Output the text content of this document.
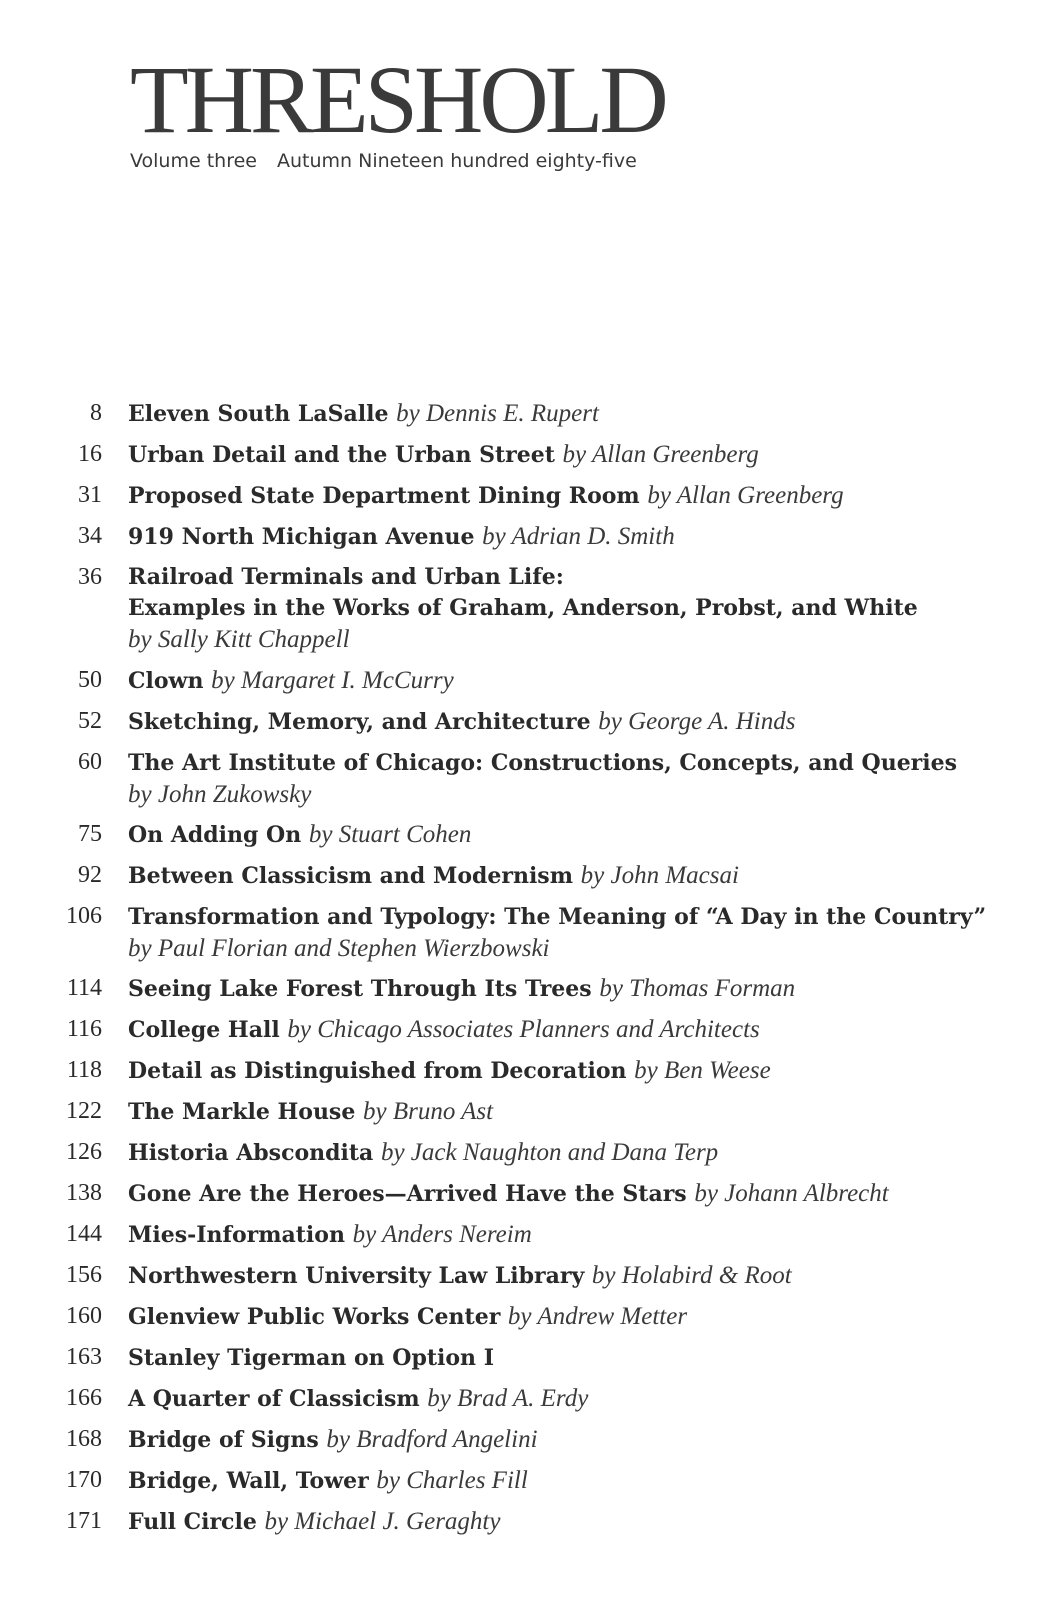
THRESHOLD
Volume three Autumn Nineteen hundred eighty-five
8 Eleven South LaSalle by Dennis E. Rupert
16 Urban Detail and the Urban Street by Allan Greenberg
31 Proposed State Department Dining Room by Allan Greenberg
34 919 North Michigan Avenue by Adrian D. Smith
36 Railroad Terminals and Urban Life:
Examples in the Works of Graham, Anderson, Probst, and White
by Sally Kitt Chappell
50 Clown by Margaret I. McCurry
52 Sketching, Memory, and Architecture by George A. Hinds
60 The Art Institute of Chicago: Constructions, Concepts, and Queries
by John Zukowsky
75 On Adding On by Stuart Cohen
92 Between Classicism and Modernism by John Macsai
106 Transformation and Typology: The Meaning of “A Day in the Country”
by Paul Florian and Stephen Wierzbowski
114 Seeing Lake Forest Through Its Trees by Thomas Forman
116 College Hall by Chicago Associates Planners and Architects
118 Detail as Distinguished from Decoration by Ben Weese
122 The Markle House by Bruno Ast
126 Historia Abscondita by Jack Naughton and Dana Terp
138 Gone Are the Heroes—Arrived Have the Stars by Johann Albrecht
144 Mies-Information by Anders Nereim
156 Northwestern University Law Library by Holabird & Root
160 Glenview Public Works Center by Andrew Metter
163 Stanley Tigerman on Option I
166 A Quarter of Classicism by Brad A. Erdy
168 Bridge of Signs by Bradford Angelini
170 Bridge, Wall, Tower by Charles Fill
171 Full Circle by Michael J. Geraghty
